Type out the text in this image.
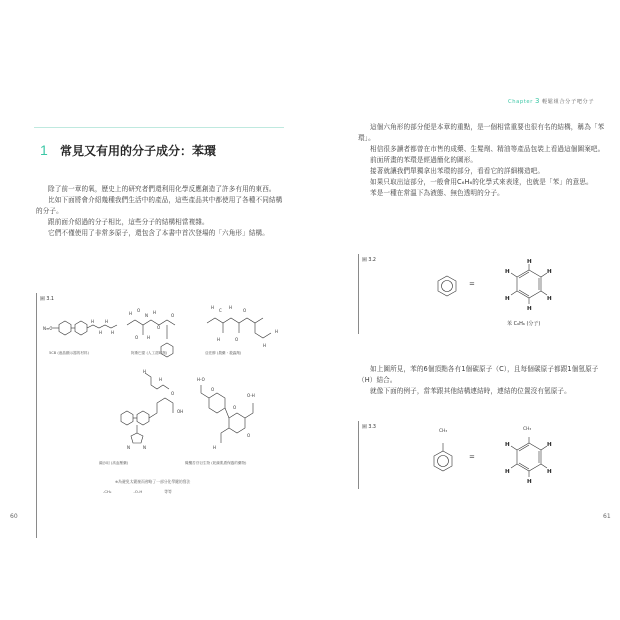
Chapter 3 輕鬆組合分子吧分子
1 常見又有用的分子成分：苯環

除了前一章的氧，歷史上的研究者們還利用化學反應創造了許多有用的東西。

比如下面將會介紹幾種我們生活中的產品，這些產品其中都使用了各種不同結構的分子。

跟前面介紹過的分子相比，這些分子的結構相當複雜。

它們不僅使用了非常多原子，還包含了本書中首次登場的「六角形」結構。

圖 3.1
N≡C
H
H
H
H
H
O
N
H
O
O
O H
H
C
H
O
H	O
H
H
H
H
O
OH
N	N
H-O
O-H
O
O
H
O
5CB (液晶顯示器的材料)	阿斯巴甜 (人工甜味劑)	亞佐醇 (農藥・殺蟲劑)
纈沙坦 (高血壓藥)	橄欖苦苷衍生物 (乾燥肌膚保養的藥物)
※為避免太繁複而省略了一部分化學鍵的寫法
-CH₃	-O-H	等等
60

這個六角形的部分便是本章的重點，是一個相當重要也很有名的結構，稱為「苯環」。

相信很多讀者都曾在市售的成藥、生髮劑、精油等產品包裝上看過這個圖案吧。

前面所畫的苯環是經過簡化的圖形。

接著就讓我們單獨拿出苯環的部分，看看它的詳細構造吧。

如果只取出這部分，一般會用C₆H₆的化學式來表達，也就是「苯」的意思。

苯是一種在常溫下為液態、無色透明的分子。

圖 3.2	H
H
H
H
H
H
=
苯 C₆H₆ (分子)

如上圖所見，苯的6個頂點各有1個碳原子（C），且每個碳原子都跟1個氫原子（H）結合。

就像下面的例子，當苯跟其他結構連結時，連結的位置沒有氫原子。

圖 3.3
H
H
H
H
H
CH₃	CH₃
=
61
